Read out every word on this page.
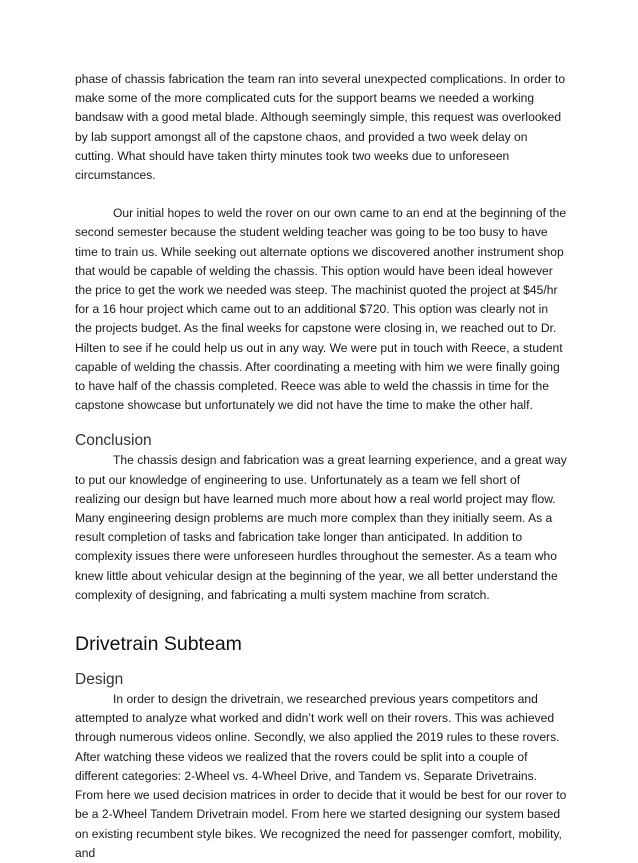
phase of chassis fabrication the team ran into several unexpected complications. In order to make some of the more complicated cuts for the support beams we needed a working bandsaw with a good metal blade. Although seemingly simple, this request was overlooked by lab support amongst all of the capstone chaos, and provided a two week delay on cutting. What should have taken thirty minutes took two weeks due to unforeseen circumstances.

Our initial hopes to weld the rover on our own came to an end at the beginning of the second semester because the student welding teacher was going to be too busy to have time to train us. While seeking out alternate options we discovered another instrument shop that would be capable of welding the chassis. This option would have been ideal however the price to get the work we needed was steep. The machinist quoted the project at $45/hr for a 16 hour project which came out to an additional $720. This option was clearly not in the projects budget. As the final weeks for capstone were closing in, we reached out to Dr. Hilten to see if he could help us out in any way. We were put in touch with Reece, a student capable of welding the chassis. After coordinating a meeting with him we were finally going to have half of the chassis completed. Reece was able to weld the chassis in time for the capstone showcase but unfortunately we did not have the time to make the other half.

Conclusion

The chassis design and fabrication was a great learning experience, and a great way to put our knowledge of engineering to use. Unfortunately as a team we fell short of realizing our design but have learned much more about how a real world project may flow. Many engineering design problems are much more complex than they initially seem. As a result completion of tasks and fabrication take longer than anticipated. In addition to complexity issues there were unforeseen hurdles throughout the semester. As a team who knew little about vehicular design at the beginning of the year, we all better understand the complexity of designing, and fabricating a multi system machine from scratch.

Drivetrain Subteam
Design

In order to design the drivetrain, we researched previous years competitors and attempted to analyze what worked and didn’t work well on their rovers. This was achieved through numerous videos online. Secondly, we also applied the 2019 rules to these rovers. After watching these videos we realized that the rovers could be split into a couple of different categories: 2-Wheel vs. 4-Wheel Drive, and Tandem vs. Separate Drivetrains. From here we used decision matrices in order to decide that it would be best for our rover to be a 2-Wheel Tandem Drivetrain model. From here we started designing our system based on existing recumbent style bikes. We recognized the need for passenger comfort, mobility, and
